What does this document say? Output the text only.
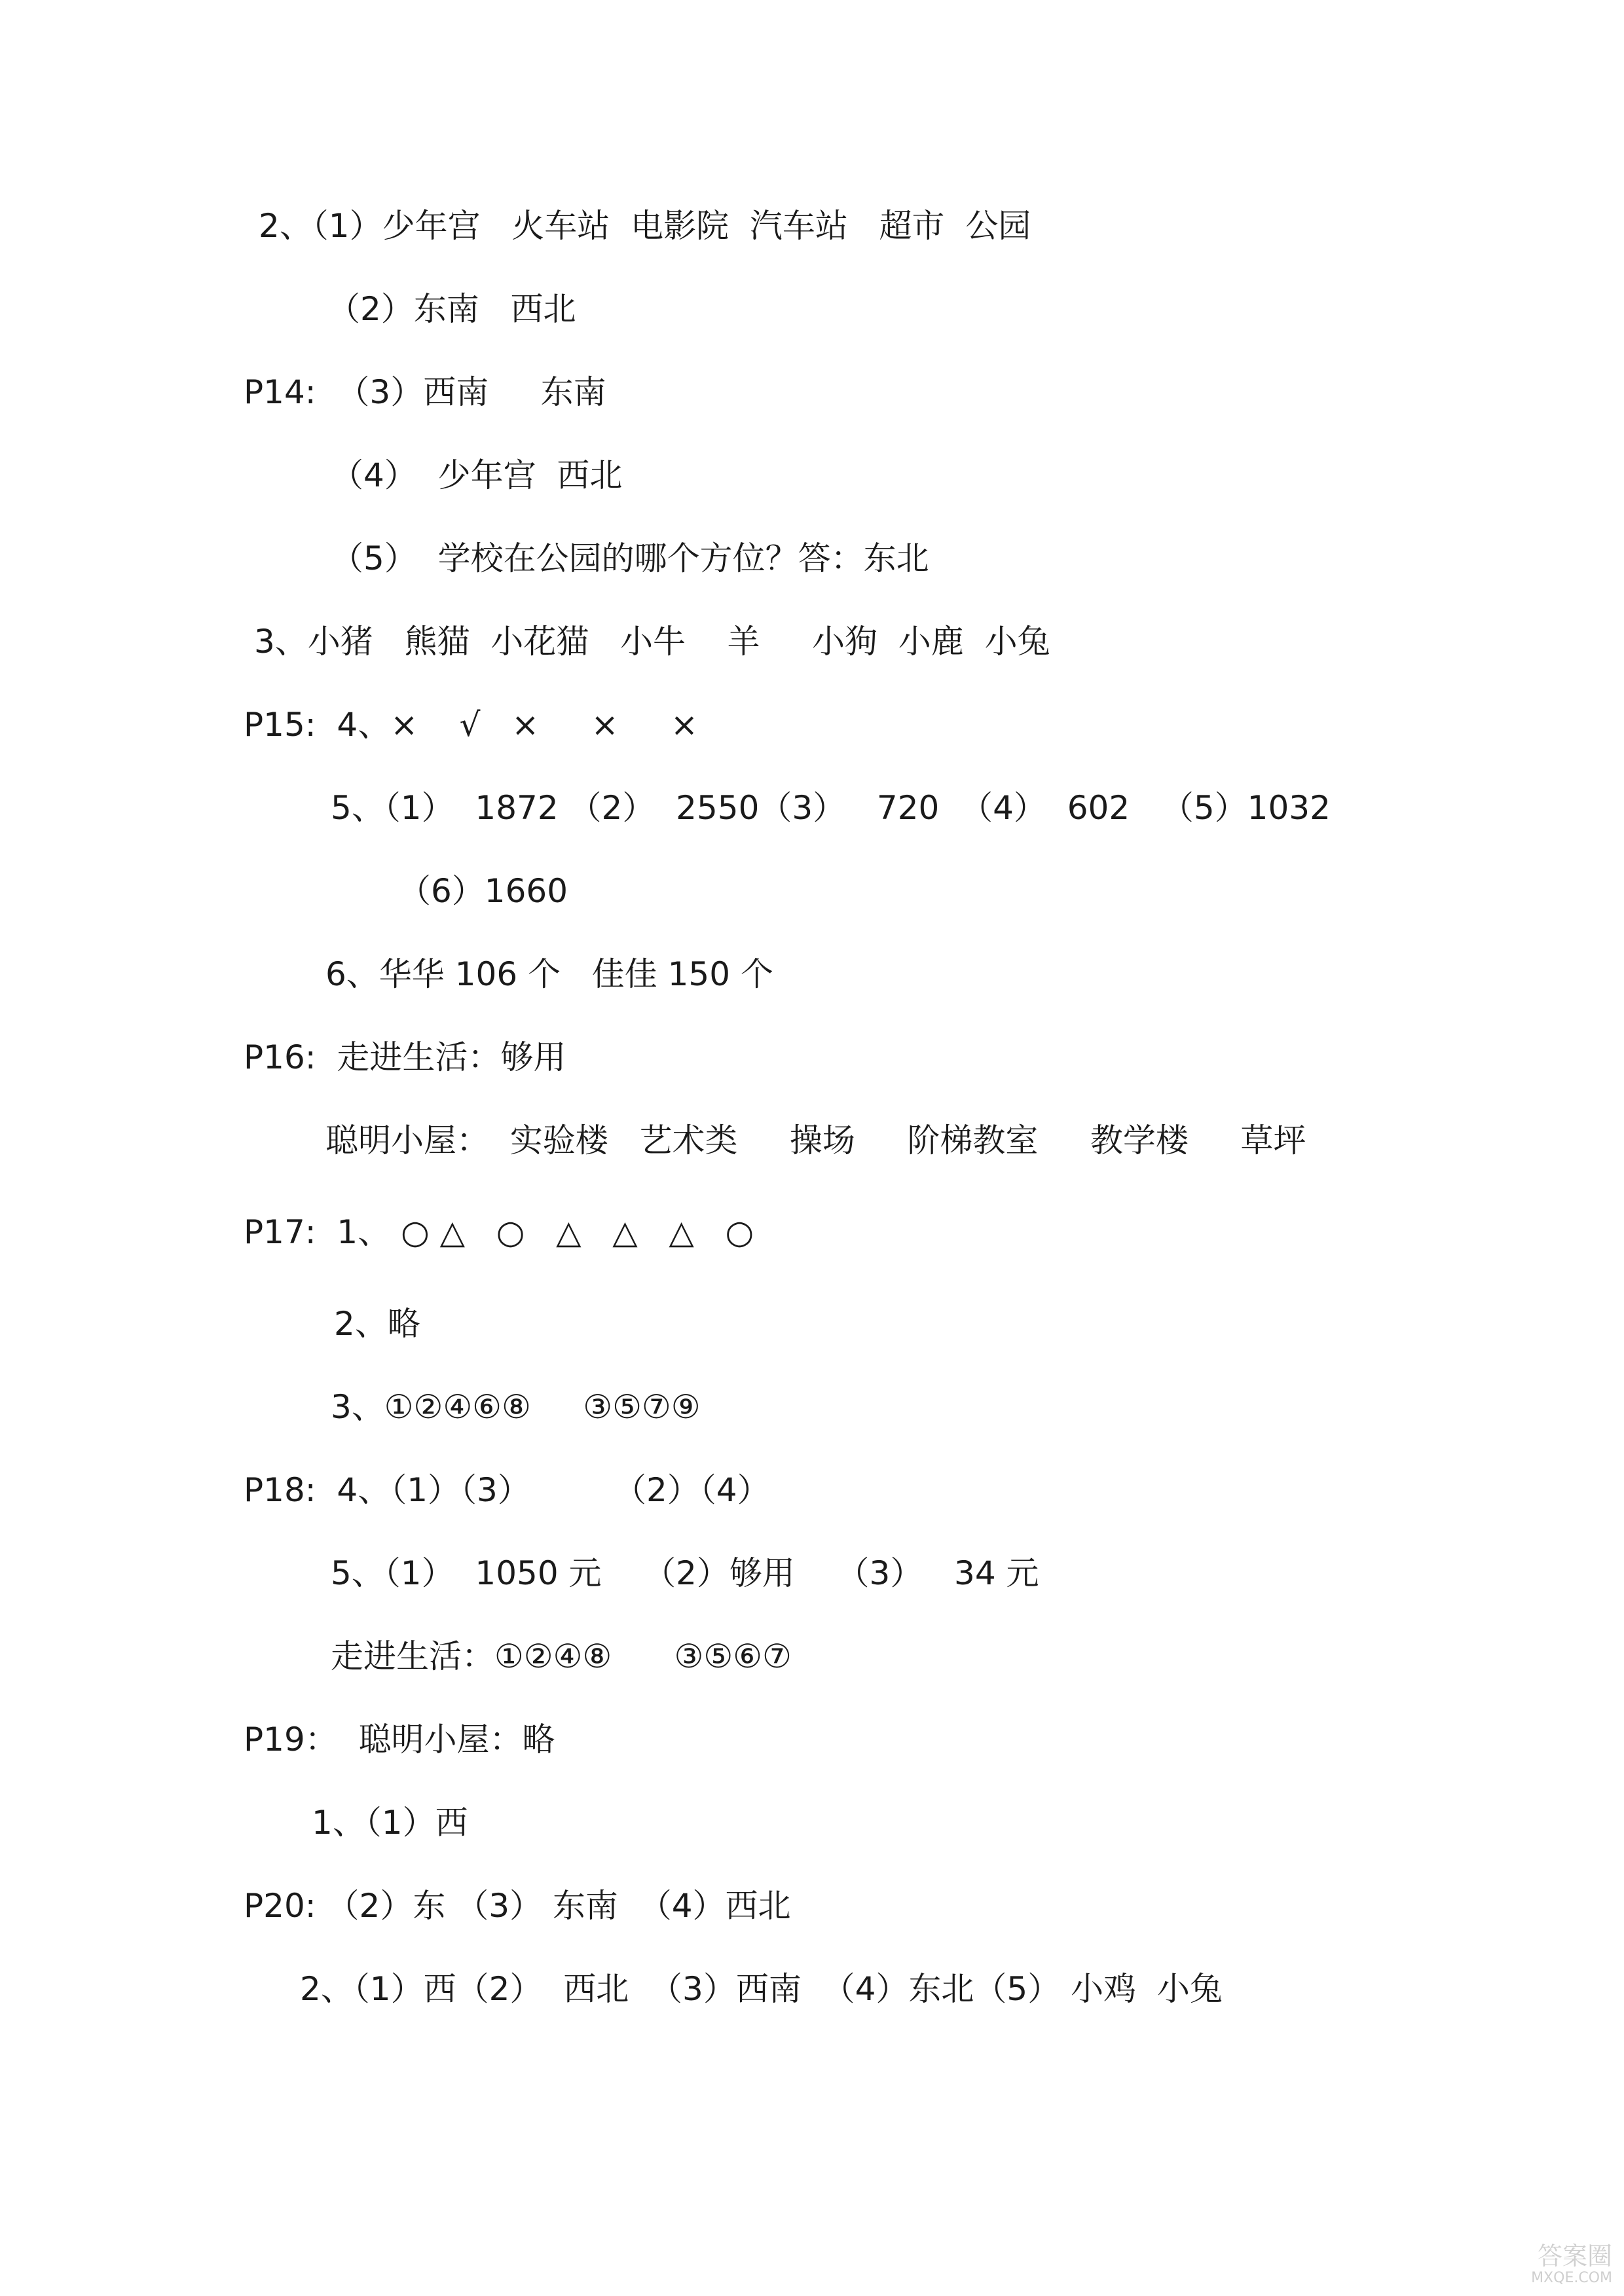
2、（1）少年宫   火车站  电影院  汽车站   超市  公园
（2）东南   西北
P14:  （3）西南     东南
（4）  少年宫  西北
（5）  学校在公园的哪个方位？答：东北
3、小猪   熊猫  小花猫   小牛    羊     小狗  小鹿  小兔
P15:  4、×    √   ×     ×     ×
5、（1）  1872 （2）  2550（3）   720  （4）  602   （5）1032
（6）1660
6、华华 106 个   佳佳 150 个
P16:  走进生活：够用
聪明小屋：  实验楼   艺术类     操场     阶梯教室     教学楼     草坪
P17:  1、 ○ △   ○   △   △   △   ○
2、略
3、①②④⑥⑧     ③⑤⑦⑨
P18:  4、（1）（3）        （2）（4）
5、（1）  1050 元    （2）够用    （3）   34 元
走进生活：①②④⑧      ③⑤⑥⑦
P19：  聪明小屋：略
1、（1）西
P20: （2）东 （3） 东南  （4）西北
2、（1）西（2）  西北  （3）西南  （4）东北（5） 小鸡  小兔
答案圈
MXQE.COM
